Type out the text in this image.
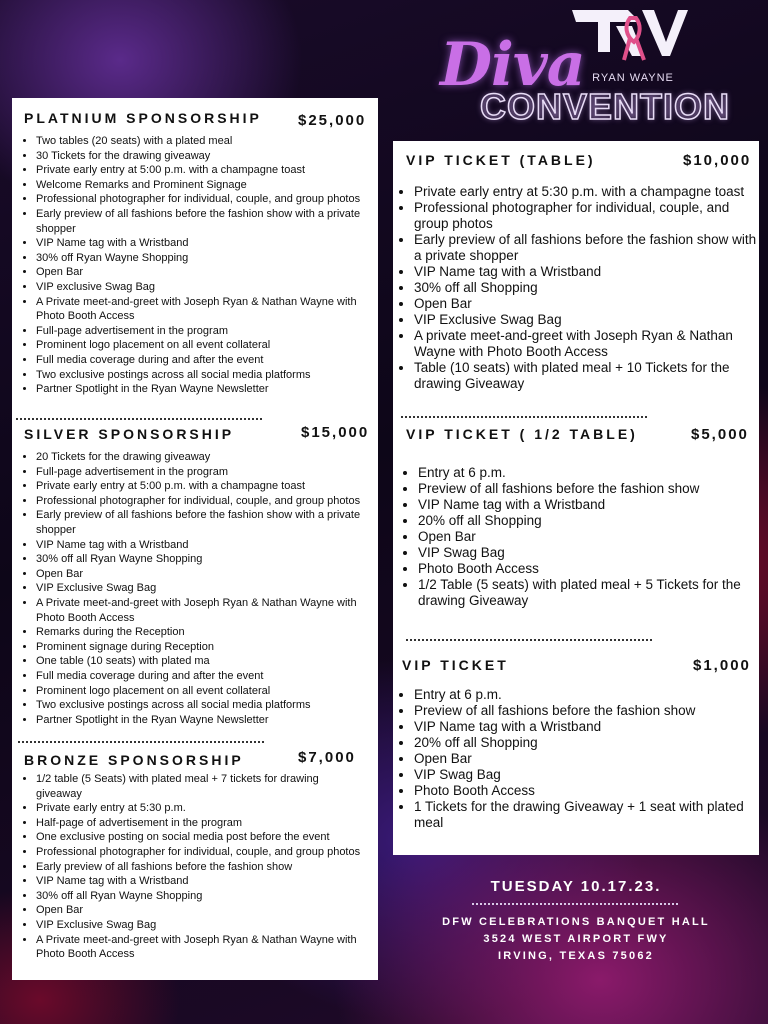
RYAN WAYNE
Diva
CONVENTION
PLATNIUM SPONSORSHIP $25,000
• Two tables (20 seats) with a plated meal
• 30 Tickets for the drawing giveaway
• Private early entry at 5:00 p.m. with a champagne toast
• Welcome Remarks and Prominent Signage
• Professional photographer for individual, couple, and group photos
• Early preview of all fashions before the fashion show with a private shopper
• VIP Name tag with a Wristband
• 30% off Ryan Wayne Shopping
• Open Bar
• VIP exclusive Swag Bag
• A Private meet-and-greet with Joseph Ryan & Nathan Wayne with Photo Booth Access
• Full-page advertisement in the program
• Prominent logo placement on all event collateral
• Full media coverage during and after the event
• Two exclusive postings across all social media platforms
• Partner Spotlight in the Ryan Wayne Newsletter
SILVER SPONSORSHIP	$15,000
• 20 Tickets for the drawing giveaway
• Full-page advertisement in the program
• Private early entry at 5:00 p.m. with a champagne toast
• Professional photographer for individual, couple, and group photos
• Early preview of all fashions before the fashion show with a private shopper
• VIP Name tag with a Wristband
• 30% off all Ryan Wayne Shopping
• Open Bar
• VIP Exclusive Swag Bag
• A Private meet-and-greet with Joseph Ryan & Nathan Wayne with Photo Booth Access
• Remarks during the Reception
• Prominent signage during Reception
• One table (10 seats) with plated ma
• Full media coverage during and after the event
• Prominent logo placement on all event collateral
• Two exclusive postings across all social media platforms
• Partner Spotlight in the Ryan Wayne Newsletter
BRONZE SPONSORSHIP	$7,000
• 1/2 table (5 Seats) with plated meal + 7 tickets for drawing giveaway
• Private early entry at 5:30 p.m.
• Half-page of advertisement in the program
• One exclusive posting on social media post before the event
• Professional photographer for individual, couple, and group photos
• Early preview of all fashions before the fashion show
• VIP Name tag with a Wristband
• 30% off all Ryan Wayne Shopping
• Open Bar
• VIP Exclusive Swag Bag
• A Private meet-and-greet with Joseph Ryan & Nathan Wayne with Photo Booth Access
VIP TICKET (TABLE)	$10,000
• Private early entry at 5:30 p.m. with a champagne toast
• Professional photographer for individual, couple, and group photos
• Early preview of all fashions before the fashion show with a private shopper
• VIP Name tag with a Wristband
• 30% off all Shopping
• Open Bar
• VIP Exclusive Swag Bag
• A private meet-and-greet with Joseph Ryan & Nathan Wayne with Photo Booth Access
• Table (10 seats) with plated meal + 10 Tickets for the drawing Giveaway
VIP TICKET ( 1/2 TABLE)	$5,000
• Entry at 6 p.m.
• Preview of all fashions before the fashion show
• VIP Name tag with a Wristband
• 20% off all Shopping
• Open Bar
• VIP Swag Bag
• Photo Booth Access
• 1/2 Table (5 seats) with plated meal + 5 Tickets for the drawing Giveaway
VIP TICKET	$1,000
• Entry at 6 p.m.
• Preview of all fashions before the fashion show
• VIP Name tag with a Wristband
• 20% off all Shopping
• Open Bar
• VIP Swag Bag
• Photo Booth Access
• 1 Tickets for the drawing Giveaway + 1 seat with plated meal
TUESDAY 10.17.23.
DFW CELEBRATIONS BANQUET HALL
3524 WEST AIRPORT FWY
IRVING, TEXAS 75062
